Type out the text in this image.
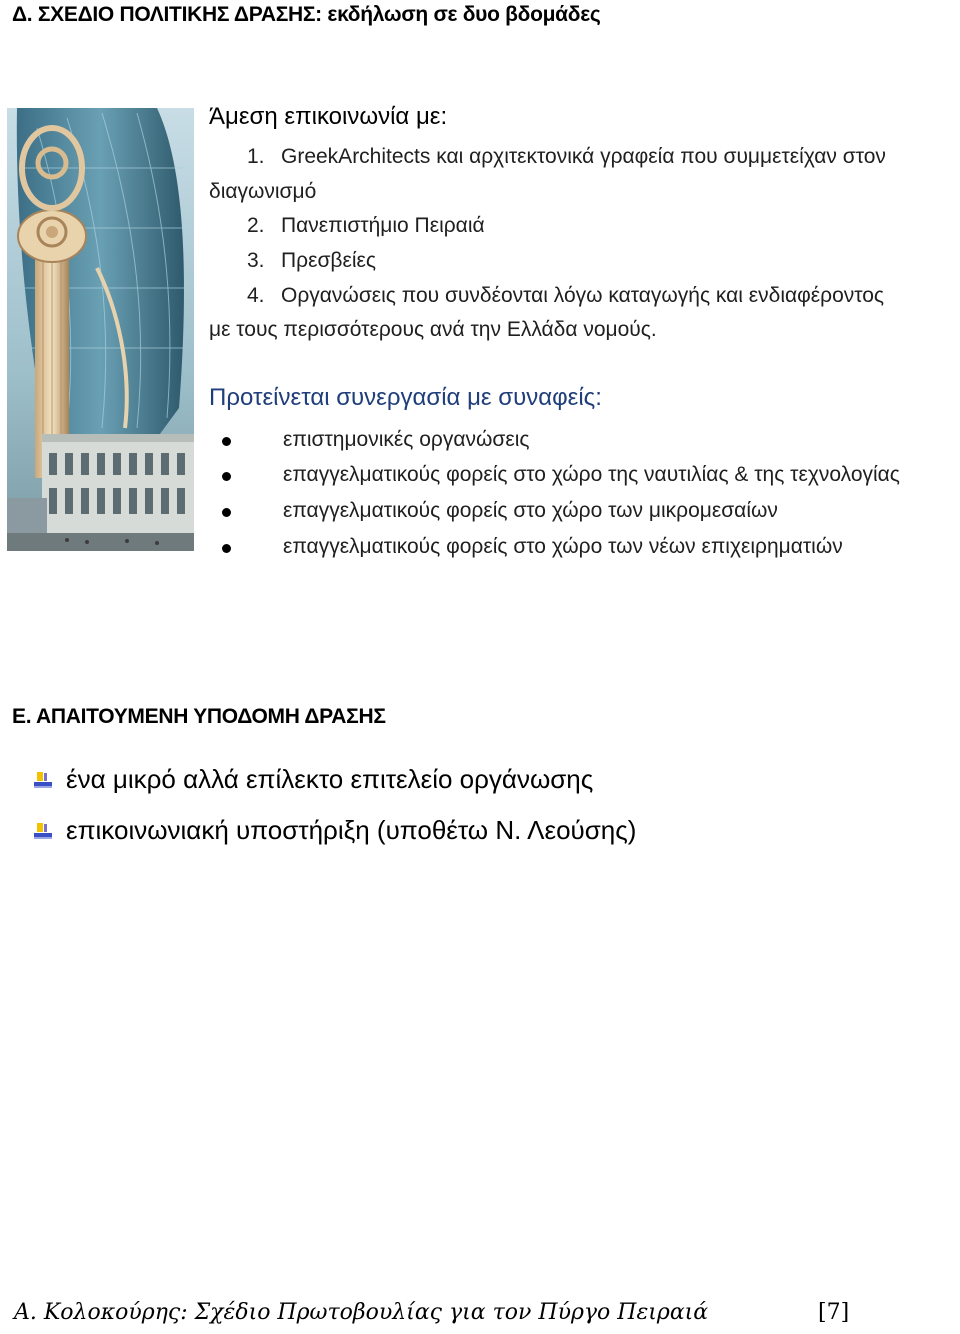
Δ. ΣΧΕΔΙΟ ΠΟΛΙΤΙΚΗΣ ΔΡΑΣΗΣ: εκδήλωση σε δυο βδομάδες
Άμεση επικοινωνία με:
1. GreekArchitects και αρχιτεκτονικά γραφεία που συμμετείχαν στον
διαγωνισμό
2. Πανεπιστήμιο Πειραιά
3. Πρεσβείες
4. Οργανώσεις που συνδέονται λόγω καταγωγής και ενδιαφέροντος
με τους περισσότερους ανά την Ελλάδα νομούς.
Προτείνεται συνεργασία με συναφείς:
επιστημονικές οργανώσεις
επαγγελματικούς φορείς στο χώρο της ναυτιλίας & της τεχνολογίας
επαγγελματικούς φορείς στο χώρο των μικρομεσαίων
επαγγελματικούς φορείς στο χώρο των νέων επιχειρηματιών
Ε. ΑΠΑΙΤΟΥΜΕΝΗ ΥΠΟΔΟΜΗ ΔΡΑΣΗΣ
ένα μικρό αλλά επίλεκτο επιτελείο οργάνωσης
επικοινωνιακή υποστήριξη (υποθέτω Ν. Λεούσης)
Α. Κολοκούρης: Σχέδιο Πρωτοβουλίας για τον Πύργο Πειραιά	[7]
